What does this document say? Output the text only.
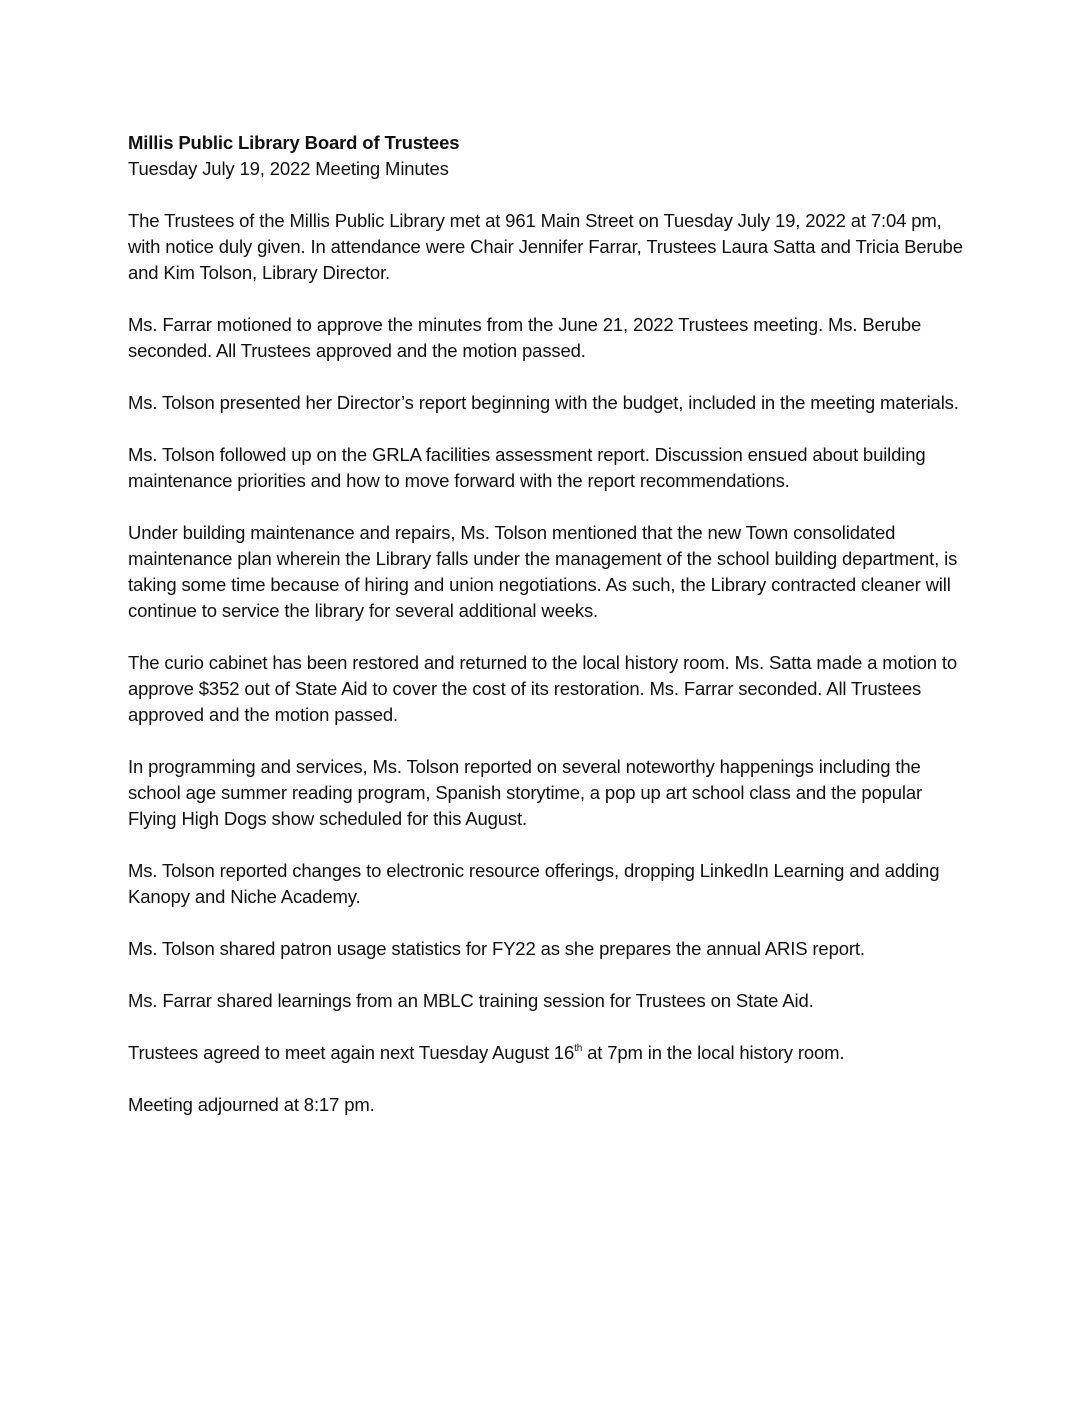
Millis Public Library Board of Trustees

Tuesday July 19, 2022 Meeting Minutes

The Trustees of the Millis Public Library met at 961 Main Street on Tuesday July 19, 2022 at 7:04 pm, with notice duly given. In attendance were Chair Jennifer Farrar, Trustees Laura Satta and Tricia Berube and Kim Tolson, Library Director.

Ms. Farrar motioned to approve the minutes from the June 21, 2022 Trustees meeting. Ms. Berube seconded. All Trustees approved and the motion passed.

Ms. Tolson presented her Director’s report beginning with the budget, included in the meeting materials.

Ms. Tolson followed up on the GRLA facilities assessment report. Discussion ensued about building maintenance priorities and how to move forward with the report recommendations.

Under building maintenance and repairs, Ms. Tolson mentioned that the new Town consolidated maintenance plan wherein the Library falls under the management of the school building department, is taking some time because of hiring and union negotiations. As such, the Library contracted cleaner will continue to service the library for several additional weeks.

The curio cabinet has been restored and returned to the local history room. Ms. Satta made a motion to approve $352 out of State Aid to cover the cost of its restoration. Ms. Farrar seconded. All Trustees approved and the motion passed.

In programming and services, Ms. Tolson reported on several noteworthy happenings including the school age summer reading program, Spanish storytime, a pop up art school class and the popular Flying High Dogs show scheduled for this August.

Ms. Tolson reported changes to electronic resource offerings, dropping LinkedIn Learning and adding Kanopy and Niche Academy.

Ms. Tolson shared patron usage statistics for FY22 as she prepares the annual ARIS report.

Ms. Farrar shared learnings from an MBLC training session for Trustees on State Aid.

Trustees agreed to meet again next Tuesday August 16th at 7pm in the local history room.

Meeting adjourned at 8:17 pm.
